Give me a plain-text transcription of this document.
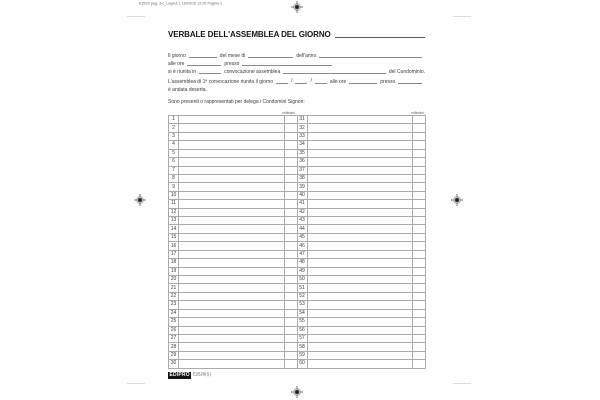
E2520 pag. 1-c_Layout 1 16/03/15 12:25 Pagina 1
VERBALE DELL'ASSEMBLEA DEL GIORNO
Il giorno	del mese di	dell'anno
alle ore	presso
si è riunita in	convocazione assemblea	del Condominio.
L'assemblea di 1ª convocazione riunita il giorno	/	/	alle ore	presso
è andata deserta.
Sono presenti o rappresentati per delega i Condomini Signori:
millesimi	millesimi
1			31		
2			32		
3			33		
4			34		
5			35		
6			36		
7			37		
8			38		
9			39		
10			40		
11			41		
12			42		
13			43		
14			44		
15			45		
16			46		
17			47		
18			48		
19			49		
20			50		
21			51		
22			52		
23			53		
24			54		
25			55		
26			56		
27			57		
28			58		
29			59		
30			60		
EDIPRO E2520(S)
